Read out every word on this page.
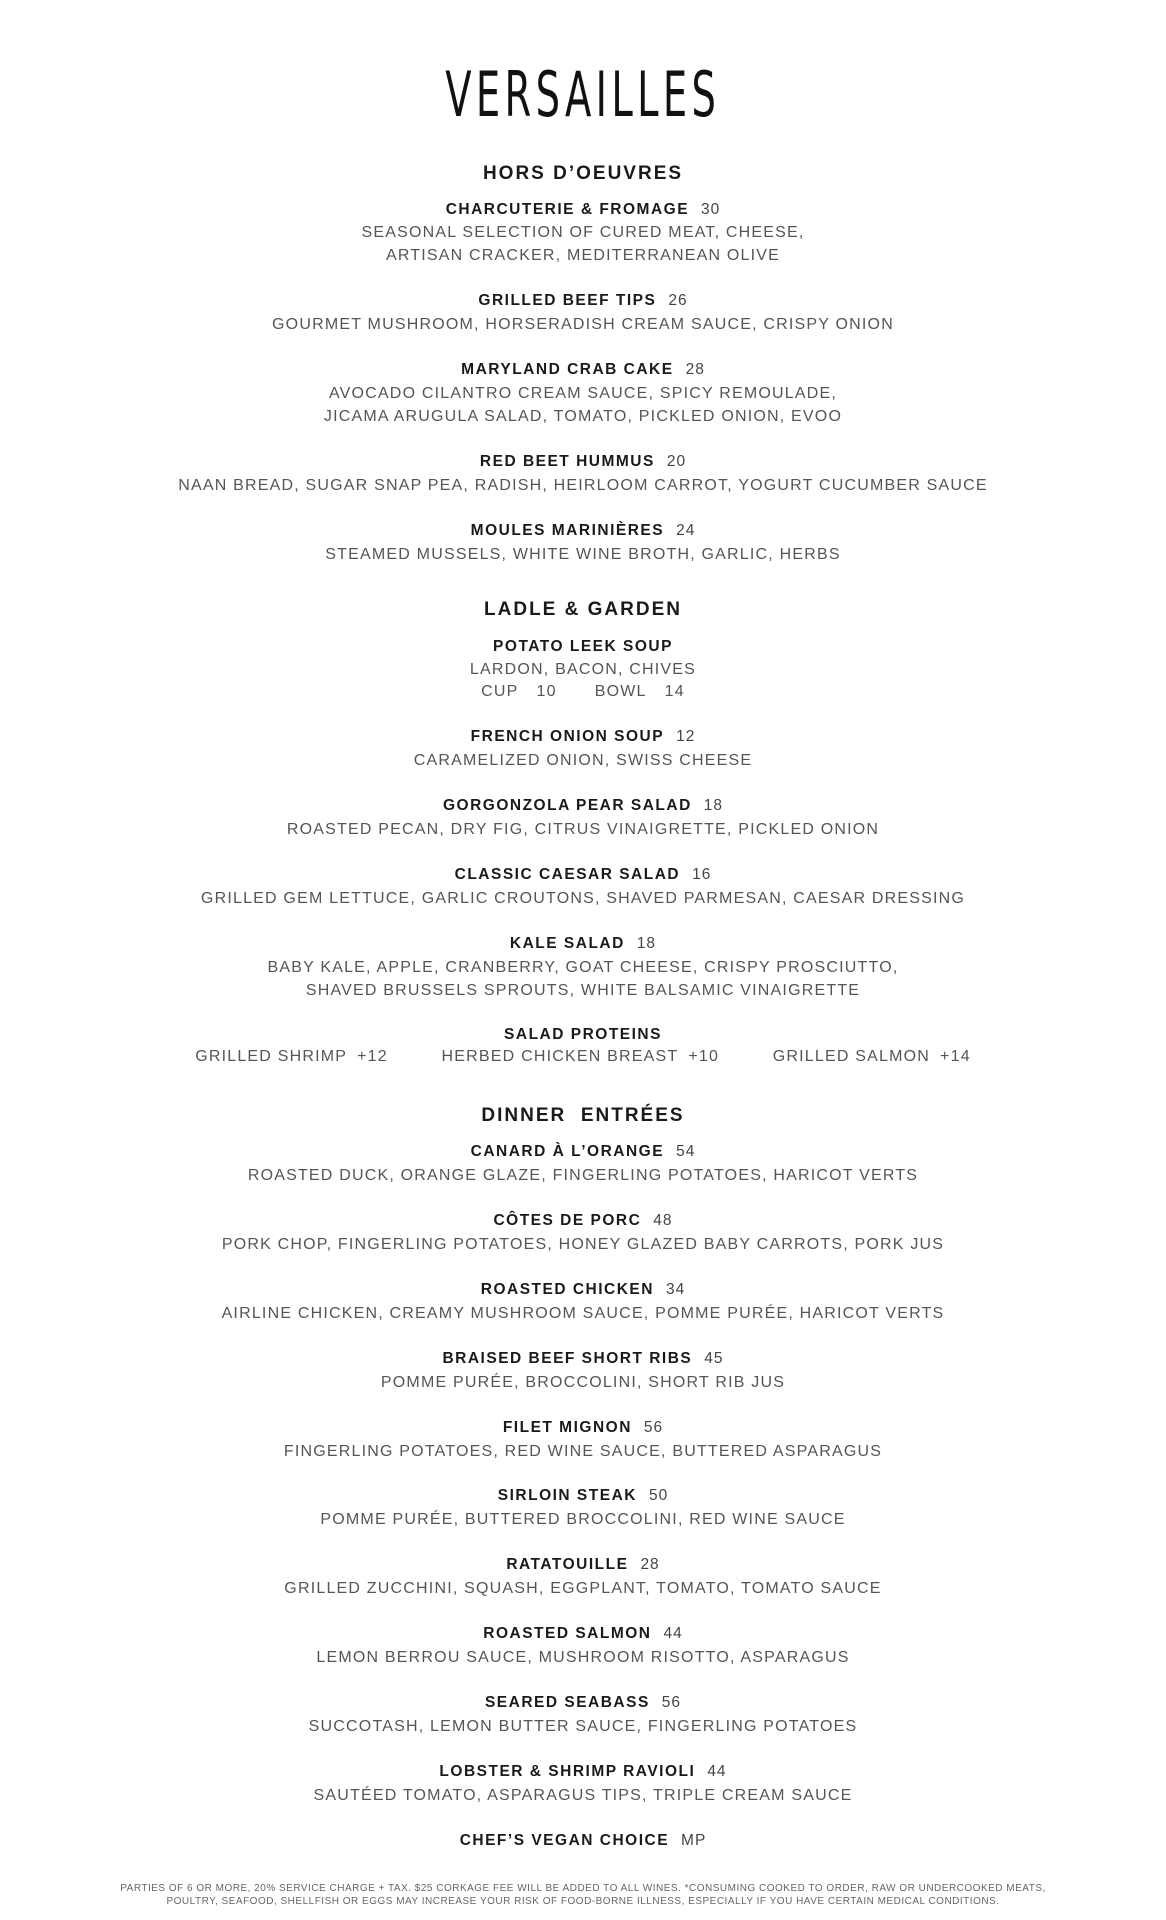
VERSAILLES
HORS D’OEUVRES
CHARCUTERIE & FROMAGE 30
SEASONAL SELECTION OF CURED MEAT, CHEESE,
ARTISAN CRACKER, MEDITERRANEAN OLIVE
GRILLED BEEF TIPS 26
GOURMET MUSHROOM, HORSERADISH CREAM SAUCE, CRISPY ONION
MARYLAND CRAB CAKE 28
AVOCADO CILANTRO CREAM SAUCE, SPICY REMOULADE,
JICAMA ARUGULA SALAD, TOMATO, PICKLED ONION, EVOO
RED BEET HUMMUS 20
NAAN BREAD, SUGAR SNAP PEA, RADISH, HEIRLOOM CARROT, YOGURT CUCUMBER SAUCE
MOULES MARINIÈRES 24
STEAMED MUSSELS, WHITE WINE BROTH, GARLIC, HERBS
LADLE & GARDEN
POTATO LEEK SOUP
LARDON, BACON, CHIVES
CUP 10 BOWL 14
FRENCH ONION SOUP 12
CARAMELIZED ONION, SWISS CHEESE
GORGONZOLA PEAR SALAD 18
ROASTED PECAN, DRY FIG, CITRUS VINAIGRETTE, PICKLED ONION
CLASSIC CAESAR SALAD 16
GRILLED GEM LETTUCE, GARLIC CROUTONS, SHAVED PARMESAN, CAESAR DRESSING
KALE SALAD 18
BABY KALE, APPLE, CRANBERRY, GOAT CHEESE, CRISPY PROSCIUTTO,
SHAVED BRUSSELS SPROUTS, WHITE BALSAMIC VINAIGRETTE
SALAD PROTEINS
GRILLED SHRIMP +12	HERBED CHICKEN BREAST +10	GRILLED SALMON +14
DINNER  ENTRÉES
CANARD À L’ORANGE 54
ROASTED DUCK, ORANGE GLAZE, FINGERLING POTATOES, HARICOT VERTS
CÔTES DE PORC 48
PORK CHOP, FINGERLING POTATOES, HONEY GLAZED BABY CARROTS, PORK JUS
ROASTED CHICKEN 34
AIRLINE CHICKEN, CREAMY MUSHROOM SAUCE, POMME PURÉE, HARICOT VERTS
BRAISED BEEF SHORT RIBS 45
POMME PURÉE, BROCCOLINI, SHORT RIB JUS
FILET MIGNON 56
FINGERLING POTATOES, RED WINE SAUCE, BUTTERED ASPARAGUS
SIRLOIN STEAK 50
POMME PURÉE, BUTTERED BROCCOLINI, RED WINE SAUCE
RATATOUILLE 28
GRILLED ZUCCHINI, SQUASH, EGGPLANT, TOMATO, TOMATO SAUCE
ROASTED SALMON 44
LEMON BERROU SAUCE, MUSHROOM RISOTTO, ASPARAGUS
SEARED SEABASS 56
SUCCOTASH, LEMON BUTTER SAUCE, FINGERLING POTATOES
LOBSTER & SHRIMP RAVIOLI 44
SAUTÉED TOMATO, ASPARAGUS TIPS, TRIPLE CREAM SAUCE
CHEF’S VEGAN CHOICE MP
PARTIES OF 6 OR MORE, 20% SERVICE CHARGE + TAX. $25 CORKAGE FEE WILL BE ADDED TO ALL WINES. *CONSUMING COOKED TO ORDER, RAW OR UNDERCOOKED MEATS,
POULTRY, SEAFOOD, SHELLFISH OR EGGS MAY INCREASE YOUR RISK OF FOOD-BORNE ILLNESS, ESPECIALLY IF YOU HAVE CERTAIN MEDICAL CONDITIONS.
